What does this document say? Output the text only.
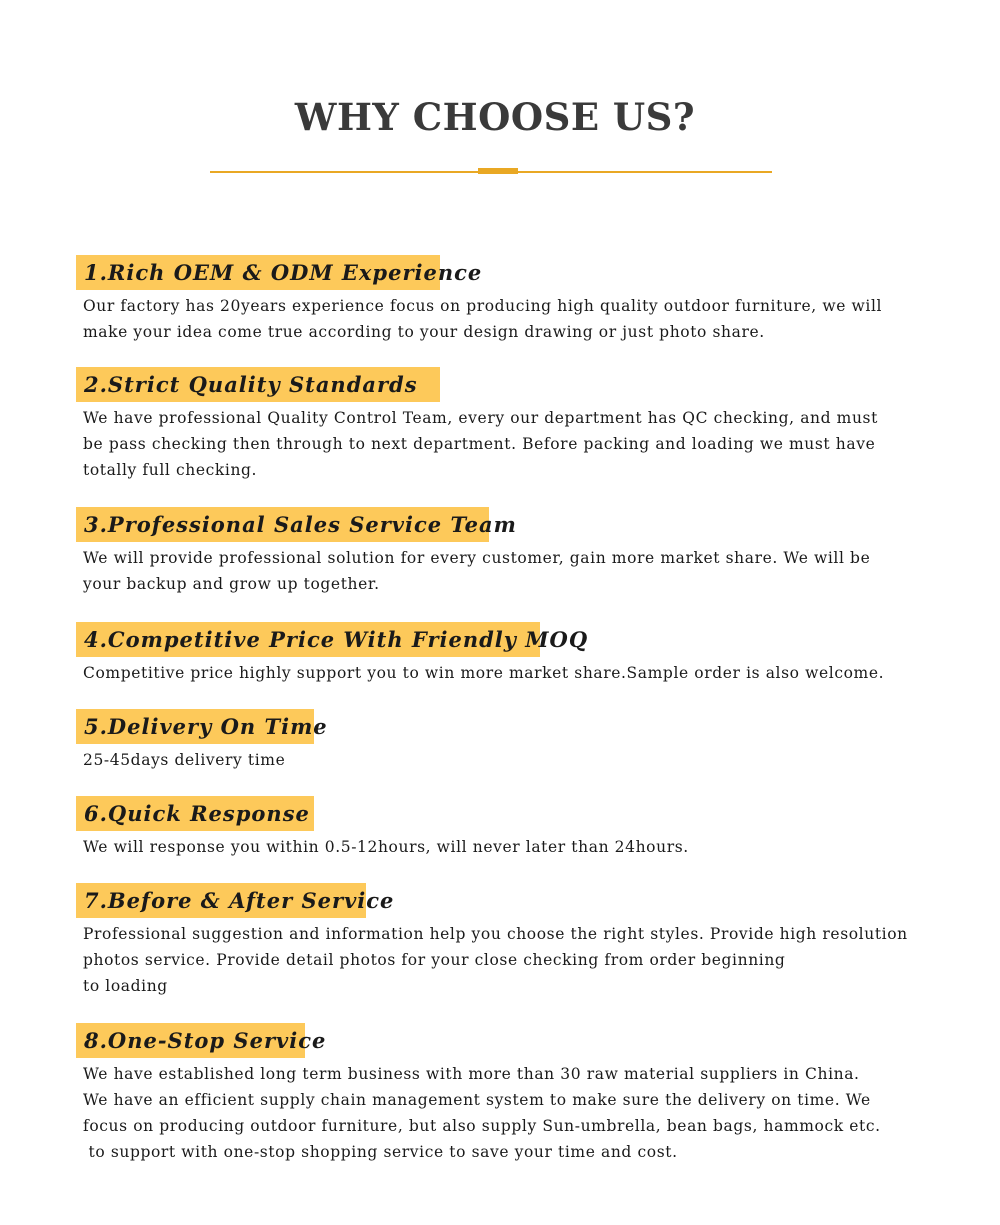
WHY CHOOSE US?
1.Rich OEM & ODM Experience
Our factory has 20years experience focus on producing high quality outdoor furniture, we will
make your idea come true according to your design drawing or just photo share.
2.Strict Quality Standards
We have professional Quality Control Team, every our department has QC checking, and must
be pass checking then through to next department. Before packing and loading we must have
totally full checking.
3.Professional Sales Service Team
We will provide professional solution for every customer, gain more market share. We will be
your backup and grow up together.
4.Competitive Price With Friendly MOQ
Competitive price highly support you to win more market share.Sample order is also welcome.
5.Delivery On Time
25-45days delivery time
6.Quick Response
We will response you within 0.5-12hours, will never later than 24hours.
7.Before & After Service
Professional suggestion and information help you choose the right styles. Provide high resolution
photos service. Provide detail photos for your close checking from order beginning
to loading
8.One-Stop Service
We have established long term business with more than 30 raw material suppliers in China.
We have an efficient supply chain management system to make sure the delivery on time. We
focus on producing outdoor furniture, but also supply Sun-umbrella, bean bags, hammock etc.
to support with one-stop shopping service to save your time and cost.
